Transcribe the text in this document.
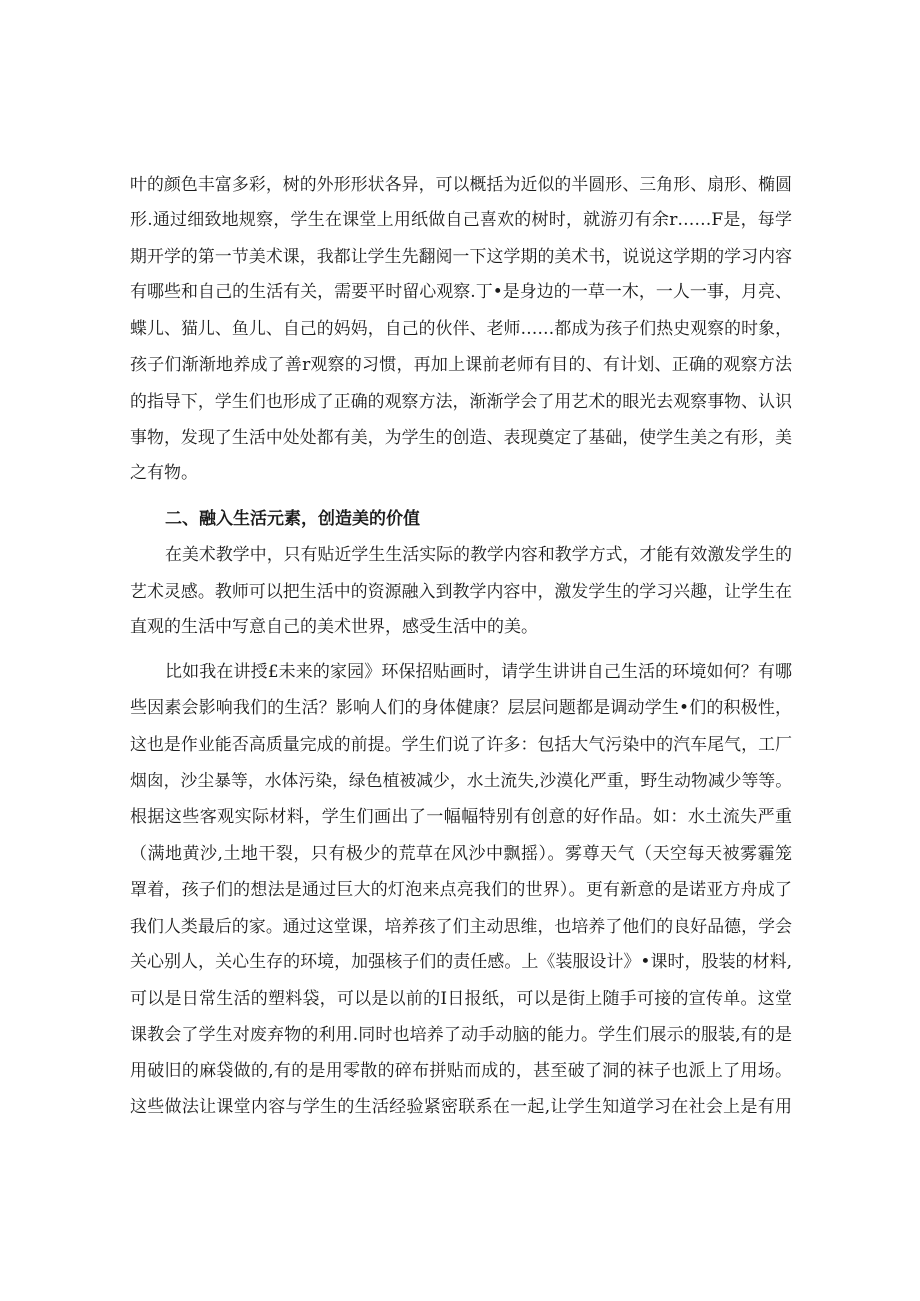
叶的颜色丰富多彩，树的外形形状各异，可以概括为近似的半圆形、三角形、扇形、椭圆
形.通过细致地规察，学生在课堂上用纸做自己喜欢的树时，就游刃有余r……F是，每学
期开学的第一节美术课，我都让学生先翻阅一下这学期的美术书，说说这学期的学习内容
有哪些和自己的生活有关，需要平时留心观察.丁•是身边的一草一木，一人一事，月亮、
蝶儿、猫儿、鱼儿、自己的妈妈，自己的伙伴、老师……都成为孩子们热史观察的时象，
孩子们渐渐地养成了善r观察的习惯，再加上课前老师有目的、有计划、正确的观察方法
的指导下，学生们也形成了正确的观察方法，渐渐学会了用艺术的眼光去观察事物、认识
事物，发现了生活中处处都有美，为学生的创造、表现奠定了基础，使学生美之有形，美
之有物。
二、融入生活元素，创造美的价值
在美术教学中，只有贴近学生生活实际的教学内容和教学方式，才能有效激发学生的
艺术灵感。教师可以把生活中的资源融入到教学内容中，激发学生的学习兴趣，让学生在
直观的生活中写意自己的美术世界，感受生活中的美。
比如我在讲授£未来的家园》环保招贴画时，请学生讲讲自己生活的环境如何？有哪
些因素会影响我们的生活？影响人们的身体健康？层层问题都是调动学生•们的积极性，
这也是作业能否高质量完成的前提。学生们说了许多：包括大气污染中的汽车尾气，工厂
烟囱，沙尘暴等，水体污染，绿色植被减少，水土流失,沙漠化严重，野生动物减少等等。
根据这些客观实际材料，学生们画出了一幅幅特别有创意的好作品。如：水土流失严重
（满地黄沙,土地干裂，只有极少的荒草在风沙中飘摇）。雾尊天气（天空每天被雾霾笼
罩着，孩子们的想法是通过巨大的灯泡来点亮我们的世界）。更有新意的是诺亚方舟成了
我们人类最后的家。通过这堂课，培养孩了们主动思维，也培养了他们的良好品德，学会
关心别人，关心生存的环境，加强核子们的责任感。上《装服设计》•课时，股装的材料,
可以是日常生活的塑料袋，可以是以前的Ⅰ日报纸，可以是街上随手可接的宣传单。这堂
课教会了学生对废弃物的利用.同时也培养了动手动脑的能力。学生们展示的服装,有的是
用破旧的麻袋做的,有的是用零散的碎布拼贴而成的，甚至破了洞的袜子也派上了用场。
这些做法让课堂内容与学生的生活经验紧密联系在一起,让学生知道学习在社会上是有用
